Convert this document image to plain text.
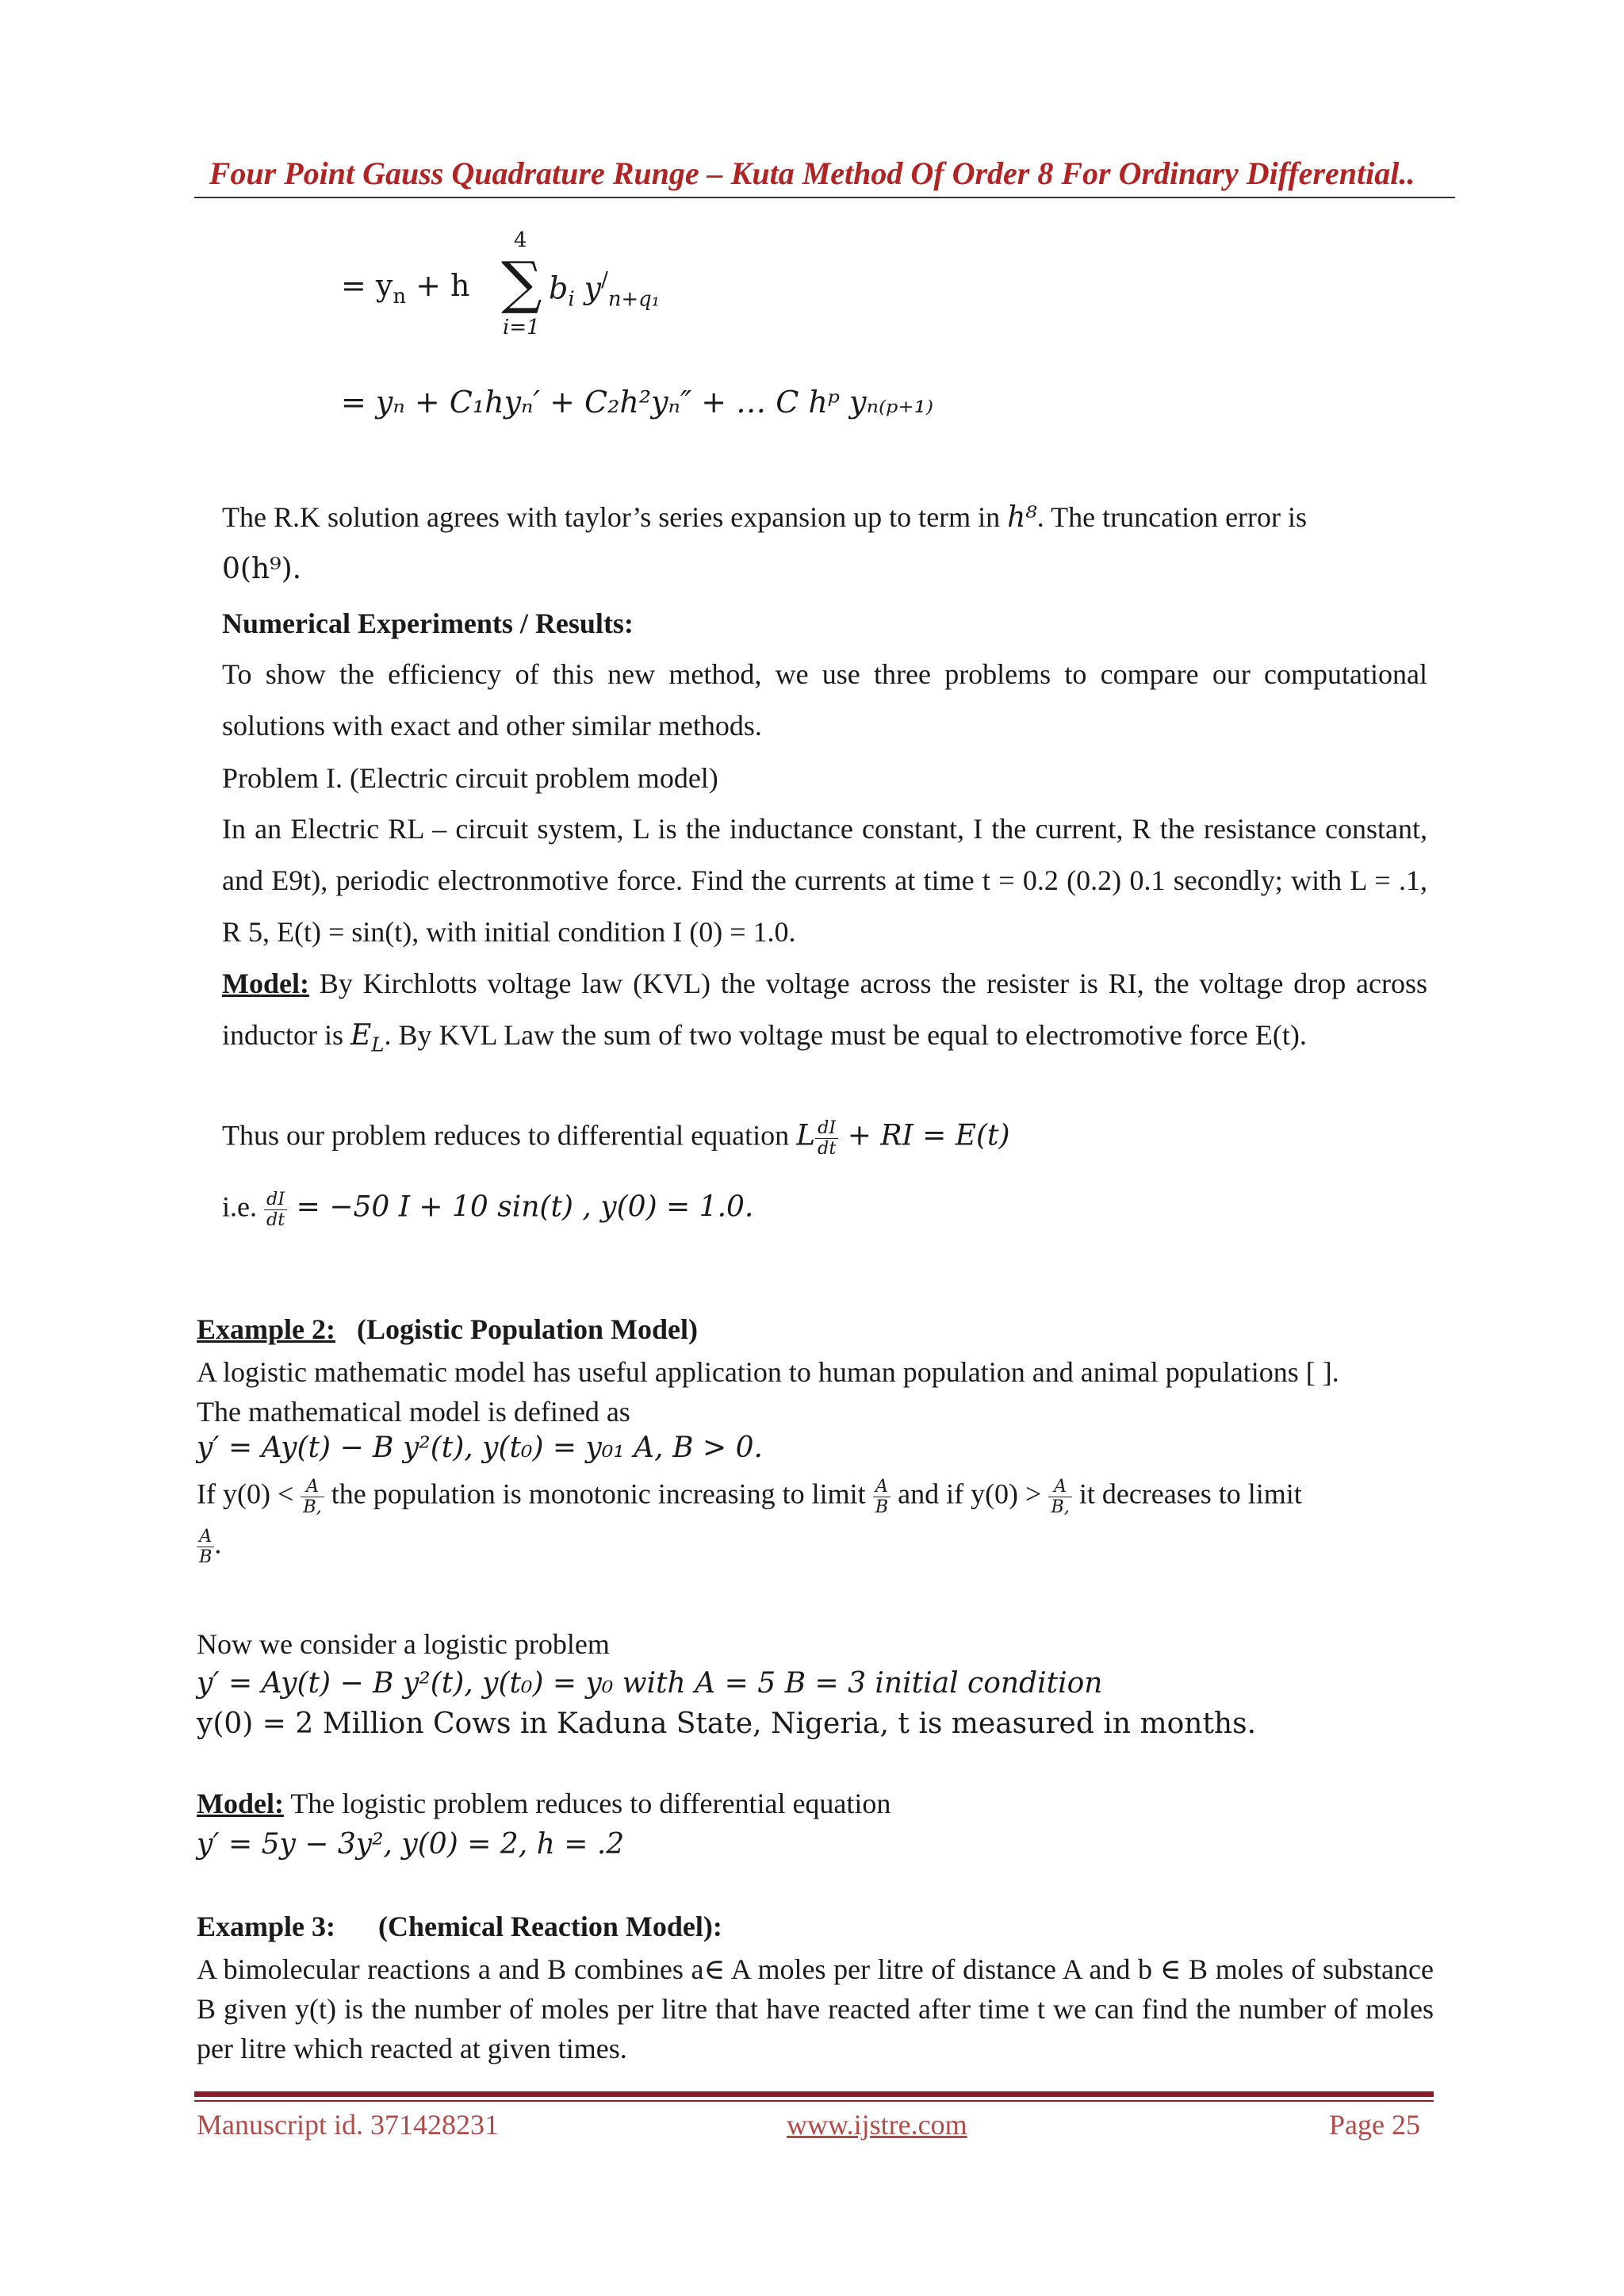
Four Point Gauss Quadrature Runge – Kuta Method Of Order 8 For Ordinary Differential..
= $y_n + h$
4
∑
i=1
$b_i$ $y^/_{n+q_1}$
= yₙ + C₁hyₙ′ + C₂h²yₙ″ + … C hᵖ yₙ₍ₚ₊₁₎
The R.K solution agrees with taylor’s series expansion up to term in h⁸. The truncation error is
0(h⁹).
Numerical Experiments / Results:
To show the efficiency of this new method, we use three problems to compare our computational solutions with exact and other similar methods.
Problem I. (Electric circuit problem model)
In an Electric RL – circuit system, L is the inductance constant, I the current, R the resistance constant, and E9t), periodic electronmotive force. Find the currents at time t = 0.2 (0.2) 0.1 secondly; with L = .1, R 5, E(t) = sin(t), with initial condition I (0) = 1.0.
Model: By Kirchlotts voltage law (KVL) the voltage across the resister is RI, the voltage drop across inductor is $E_L$. By KVL Law the sum of two voltage must be equal to electromotive force E(t).
Thus our problem reduces to differential equation L $\frac{dI}{dt}$ + RI = E(t)
i.e. $\frac{dI}{dt} = -50$ I + 10 sin(t) , y(0) = 1.0.
Example 2: (Logistic Population Model)
A logistic mathematic model has useful application to human population and animal populations [ ].
The mathematical model is defined as
y′ = Ay(t) − B y²(t), y(t₀) = y₀₁ A, B > 0.
If $y(0) < \frac{A}{B,}$ the population is monotonic increasing to limit $\frac{A}{B}$ and if $y(0) > \frac{A}{B,}$ it decreases to limit
$\frac{A}{B}$ .
Now we consider a logistic problem
y′ = Ay(t) − B y²(t), y(t₀) = y₀ with A = 5 B = 3 initial condition
y(0) = 2 Million Cows in Kaduna State, Nigeria, t is measured in months.
Model: The logistic problem reduces to differential equation
y′ = 5y − 3y², y(0) = 2, h = .2
Example 3: (Chemical Reaction Model):
A bimolecular reactions a and B combines a∈ A moles per litre of distance A and b ∈ B moles of substance B given y(t) is the number of moles per litre that have reacted after time t we can find the number of moles per litre which reacted at given times.
Manuscript id. 371428231	www.ijstre.com	Page 25
